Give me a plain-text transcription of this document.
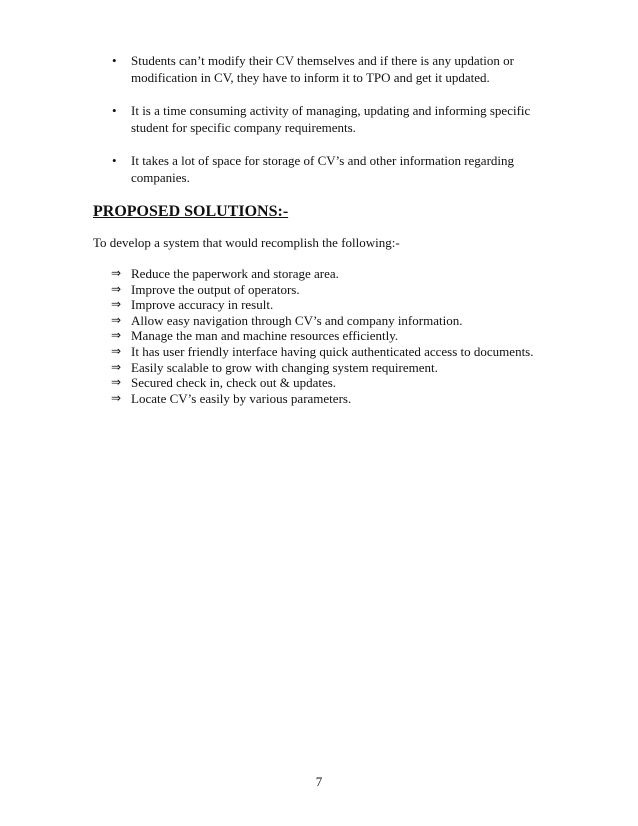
•	Students can’t modify their CV themselves and if there is any updation or modification in CV, they have to inform it to TPO and get it updated.
•	It is a time consuming activity of managing, updating and informing specific student for specific company requirements.
•	It takes a lot of space for storage of CV’s and other information regarding companies.
PROPOSED SOLUTIONS:-

To develop a system that would recomplish the following:-

⇒ Reduce the paperwork and storage area.
⇒ Improve the output of operators.
⇒ Improve accuracy in result.
⇒ Allow easy navigation through CV’s and company information.
⇒ Manage the man and machine resources efficiently.
⇒ It has user friendly interface having quick authenticated access to documents.
⇒ Easily scalable to grow with changing system requirement.
⇒ Secured check in, check out & updates.
⇒ Locate CV’s easily by various parameters.

7
